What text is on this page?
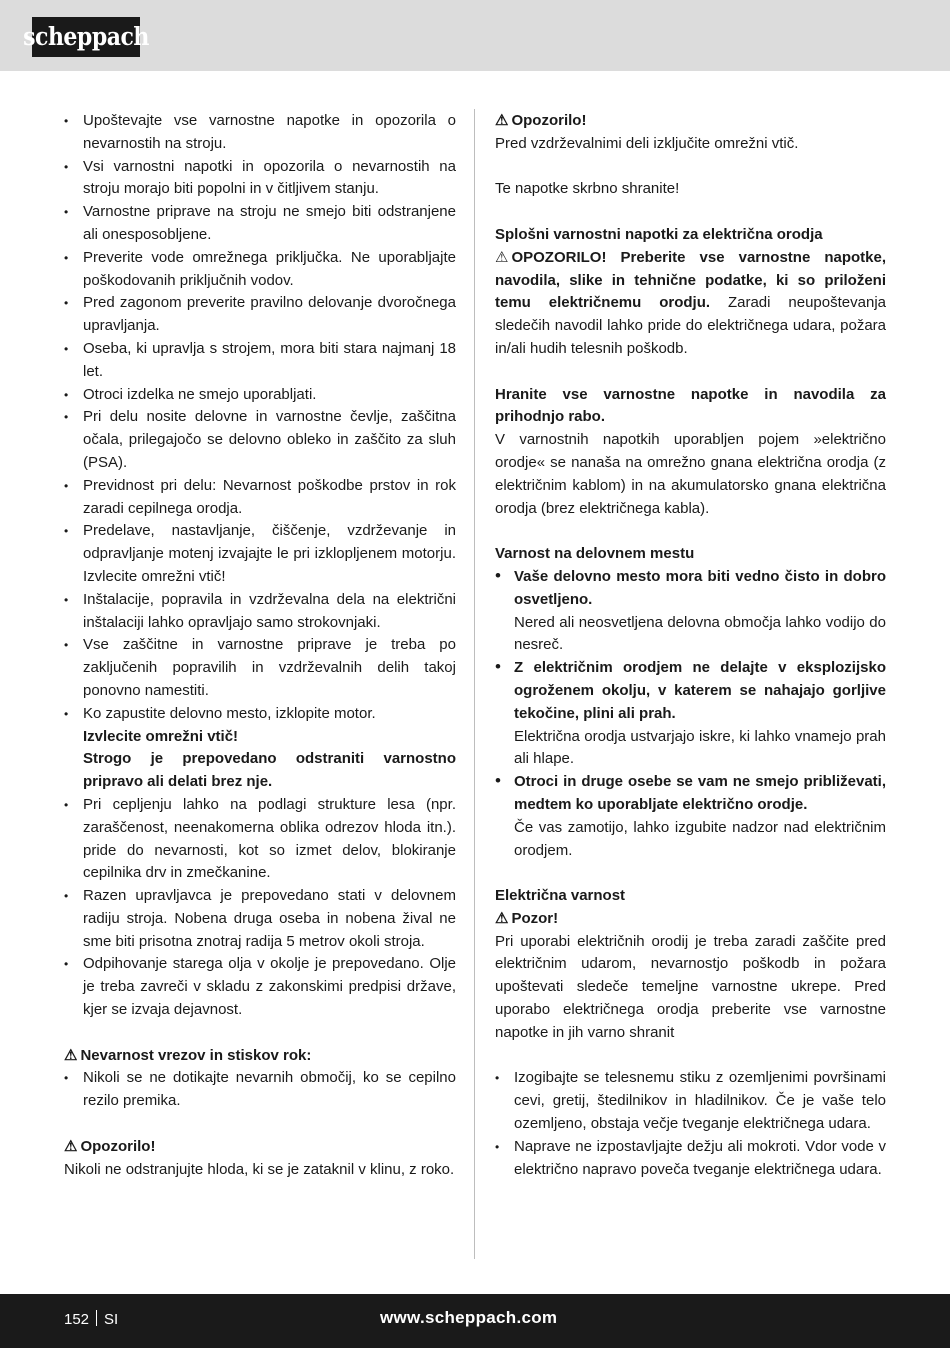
scheppach
• Upoštevajte vse varnostne napotke in opozorila o nevarnostih na stroju.
• Vsi varnostni napotki in opozorila o nevarnostih na stroju morajo biti popolni in v čitljivem stanju.
• Varnostne priprave na stroju ne smejo biti odstranjene ali onesposobljene.
• Preverite vode omrežnega priključka. Ne uporabljajte poškodovanih priključnih vodov.
• Pred zagonom preverite pravilno delovanje dvoročnega upravljanja.
• Oseba, ki upravlja s strojem, mora biti stara najmanj 18 let.
• Otroci izdelka ne smejo uporabljati.
• Pri delu nosite delovne in varnostne čevlje, zaščitna očala, prilegajočo se delovno obleko in zaščito za sluh (PSA).
• Previdnost pri delu: Nevarnost poškodbe prstov in rok zaradi cepilnega orodja.
• Predelave, nastavljanje, čiščenje, vzdrževanje in odpravljanje motenj izvajajte le pri izklopljenem motorju. Izvlecite omrežni vtič!
• Inštalacije, popravila in vzdrževalna dela na električni inštalaciji lahko opravljajo samo strokovnjaki.
• Vse zaščitne in varnostne priprave je treba po zaključenih popravilih in vzdrževalnih delih takoj ponovno namestiti.
• Ko zapustite delovno mesto, izklopite motor.
Izvlecite omrežni vtič!
Strogo je prepovedano odstraniti varnostno pripravo ali delati brez nje.
• Pri cepljenju lahko na podlagi strukture lesa (npr. zaraščenost, neenakomerna oblika odrezov hloda itn.). pride do nevarnosti, kot so izmet delov, blokiranje cepilnika drv in zmečkanine.
• Razen upravljavca je prepovedano stati v delovnem radiju stroja. Nobena druga oseba in nobena žival ne sme biti prisotna znotraj radija 5 metrov okoli stroja.
• Odpihovanje starega olja v okolje je prepovedano. Olje je treba zavreči v skladu z zakonskimi predpisi države, kjer se izvaja dejavnost.

⚠ Nevarnost vrezov in stiskov rok:

• Nikoli se ne dotikajte nevarnih območij, ko se cepilno rezilo premika.

⚠ Opozorilo!

Nikoli ne odstranjujte hloda, ki se je zataknil v klinu, z roko.

⚠ Opozorilo!

Pred vzdrževalnimi deli izključite omrežni vtič.

Te napotke skrbno shranite!

Splošni varnostni napotki za električna orodja

⚠ OPOZORILO! Preberite vse varnostne napotke, navodila, slike in tehnične podatke, ki so priloženi temu električnemu orodju. Zaradi neupoštevanja sledečih navodil lahko pride do električnega udara, požara in/ali hudih telesnih poškodb.

Hranite vse varnostne napotke in navodila za prihodnjo rabo.

V varnostnih napotkih uporabljen pojem »električno orodje« se nanaša na omrežno gnana električna orodja (z električnim kablom) in na akumulatorsko gnana električna orodja (brez električnega kabla).

Varnost na delovnem mestu

• Vaše delovno mesto mora biti vedno čisto in dobro osvetljeno.
Nered ali neosvetljena delovna območja lahko vodijo do nesreč.
• Z električnim orodjem ne delajte v eksplozijsko ogroženem okolju, v katerem se nahajajo gorljive tekočine, plini ali prah.
Električna orodja ustvarjajo iskre, ki lahko vnamejo prah ali hlape.
• Otroci in druge osebe se vam ne smejo približevati, medtem ko uporabljate električno orodje.
Če vas zamotijo, lahko izgubite nadzor nad električnim orodjem.

Električna varnost

⚠ Pozor!

Pri uporabi električnih orodij je treba zaradi zaščite pred električnim udarom, nevarnostjo poškodb in požara upoštevati sledeče temeljne varnostne ukrepe. Pred uporabo električnega orodja preberite vse varnostne napotke in jih varno shranit

• Izogibajte se telesnemu stiku z ozemljenimi površinami cevi, gretij, štedilnikov in hladilnikov. Če je vaše telo ozemljeno, obstaja večje tveganje električnega udara.
• Naprave ne izpostavljajte dežju ali mokroti. Vdor vode v električno napravo poveča tveganje električnega udara.
152 SI	www.scheppach.com
